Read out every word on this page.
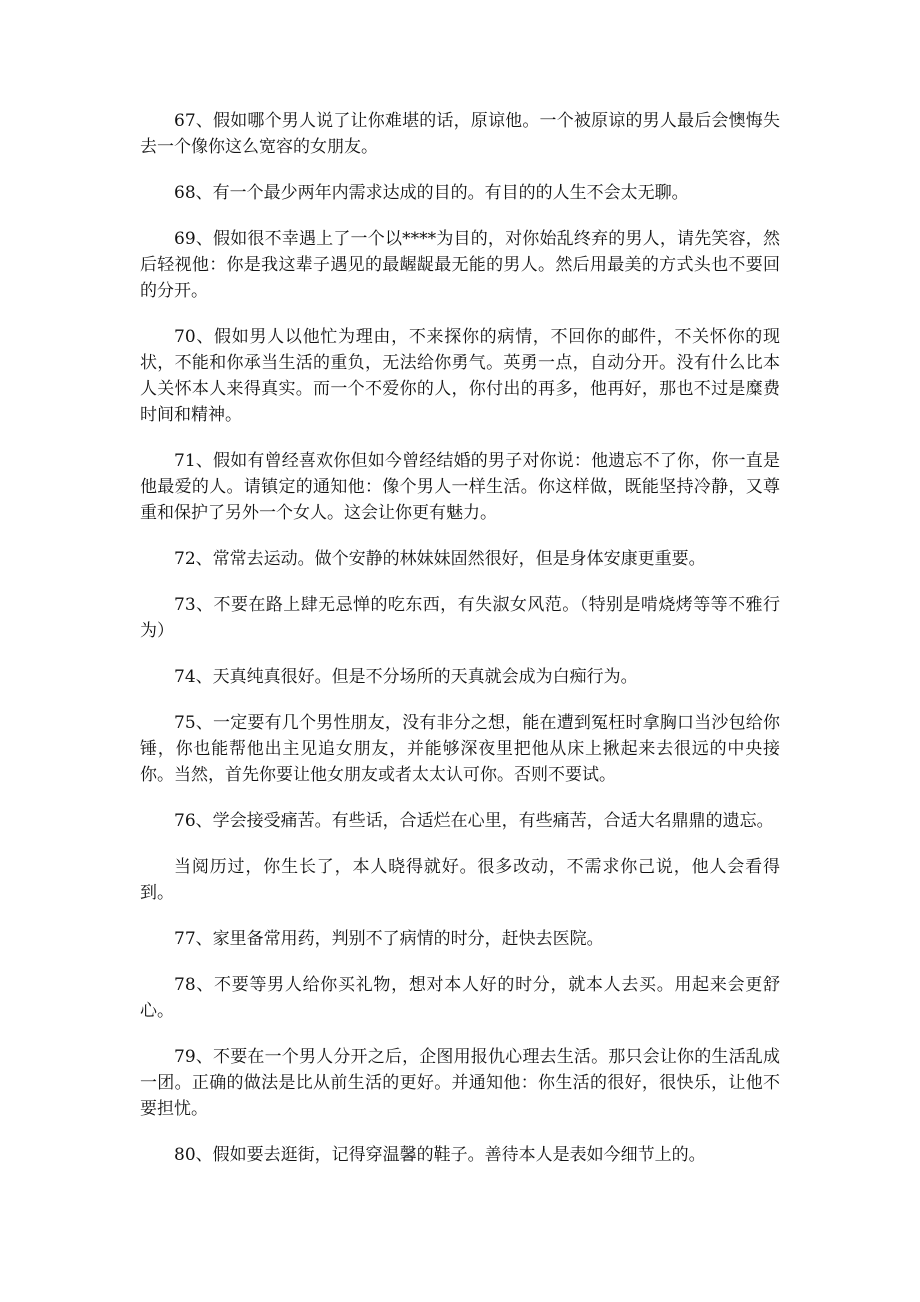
67、假如哪个男人说了让你难堪的话，原谅他。一个被原谅的男人最后会懊悔失去一个像你这么宽容的女朋友。

68、有一个最少两年内需求达成的目的。有目的的人生不会太无聊。

69、假如很不幸遇上了一个以****为目的，对你始乱终弃的男人，请先笑容，然后轻视他：你是我这辈子遇见的最龌龊最无能的男人。然后用最美的方式头也不要回的分开。

70、假如男人以他忙为理由，不来探你的病情，不回你的邮件，不关怀你的现状，不能和你承当生活的重负，无法给你勇气。英勇一点，自动分开。没有什么比本人关怀本人来得真实。而一个不爱你的人，你付出的再多，他再好，那也不过是糜费时间和精神。

71、假如有曾经喜欢你但如今曾经结婚的男子对你说：他遗忘不了你，你一直是他最爱的人。请镇定的通知他：像个男人一样生活。你这样做，既能坚持冷静，又尊重和保护了另外一个女人。这会让你更有魅力。

72、常常去运动。做个安静的林妹妹固然很好，但是身体安康更重要。

73、不要在路上肆无忌惮的吃东西，有失淑女风范。（特别是啃烧烤等等不雅行为）

74、天真纯真很好。但是不分场所的天真就会成为白痴行为。

75、一定要有几个男性朋友，没有非分之想，能在遭到冤枉时拿胸口当沙包给你锤，你也能帮他出主见追女朋友，并能够深夜里把他从床上揪起来去很远的中央接你。当然，首先你要让他女朋友或者太太认可你。否则不要试。

76、学会接受痛苦。有些话，合适烂在心里，有些痛苦，合适大名鼎鼎的遗忘。

当阅历过，你生长了，本人晓得就好。很多改动，不需求你己说，他人会看得到。

77、家里备常用药，判别不了病情的时分，赶快去医院。

78、不要等男人给你买礼物，想对本人好的时分，就本人去买。用起来会更舒心。

79、不要在一个男人分开之后，企图用报仇心理去生活。那只会让你的生活乱成一团。正确的做法是比从前生活的更好。并通知他：你生活的很好，很快乐，让他不要担忧。

80、假如要去逛街，记得穿温馨的鞋子。善待本人是表如今细节上的。
